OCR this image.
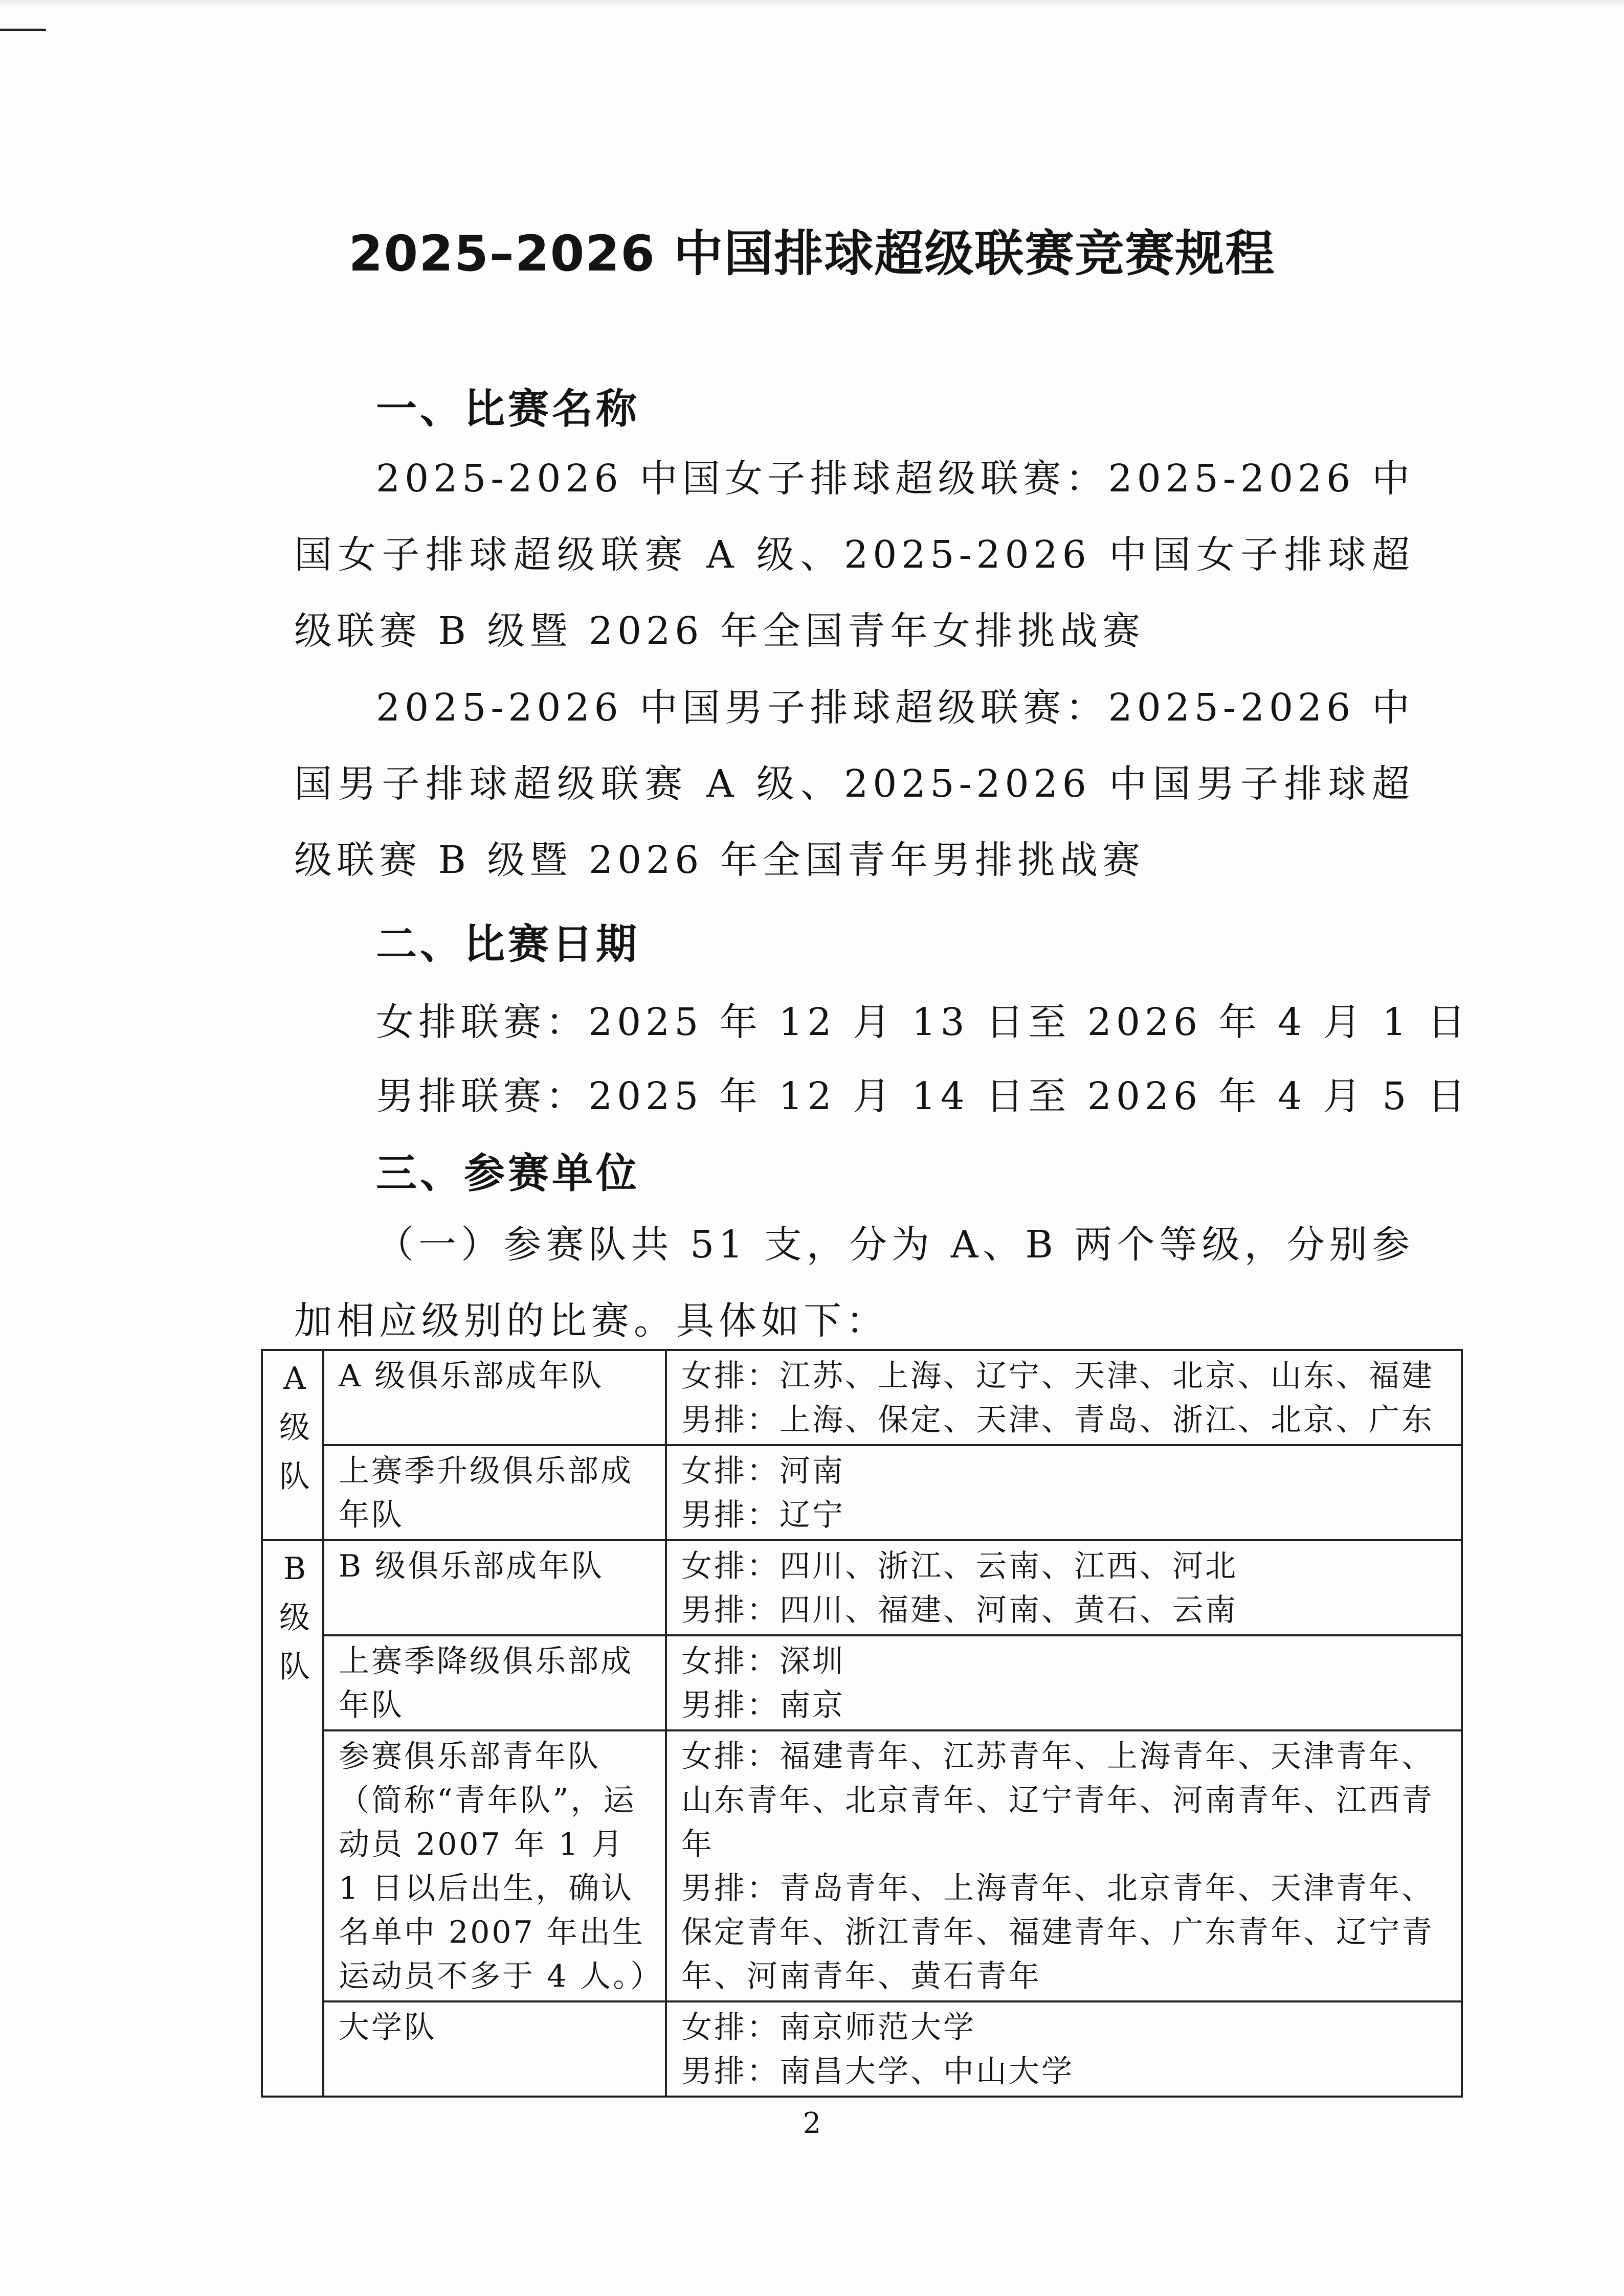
2025–2026 中国排球超级联赛竞赛规程
一、比赛名称
2025-2026 中国女子排球超级联赛：2025-2026 中国女子排球超级联赛 A 级、2025-2026 中国女子排球超级联赛 B 级暨 2026 年全国青年女排挑战赛
2025-2026 中国男子排球超级联赛：2025-2026 中国男子排球超级联赛 A 级、2025-2026 中国男子排球超级联赛 B 级暨 2026 年全国青年男排挑战赛
二、比赛日期
女排联赛：2025 年 12 月 13 日至 2026 年 4 月 1 日
男排联赛：2025 年 12 月 14 日至 2026 年 4 月 5 日
三、参赛单位
（一）参赛队共 51 支，分为 A、B 两个等级，分别参加相应级别的比赛。具体如下：
A级队	A 级俱乐部成年队	女排：江苏、上海、辽宁、天津、北京、山东、福建
男排：上海、保定、天津、青岛、浙江、北京、广东

	上赛季升级俱乐部成年队	女排：河南
男排：辽宁

B级队	B 级俱乐部成年队	女排：四川、浙江、云南、江西、河北
男排：四川、福建、河南、黄石、云南

	上赛季降级俱乐部成年队	女排：深圳
男排：南京

	参赛俱乐部青年队（简称“青年队”，运动员 2007 年 1 月 1 日以后出生，确认名单中 2007 年出生运动员不多于 4 人。）	女排：福建青年、江苏青年、上海青年、天津青年、山东青年、北京青年、辽宁青年、河南青年、江西青年
男排：青岛青年、上海青年、北京青年、天津青年、保定青年、浙江青年、福建青年、广东青年、辽宁青年、河南青年、黄石青年

	大学队	女排：南京师范大学
男排：南昌大学、中山大学
2
